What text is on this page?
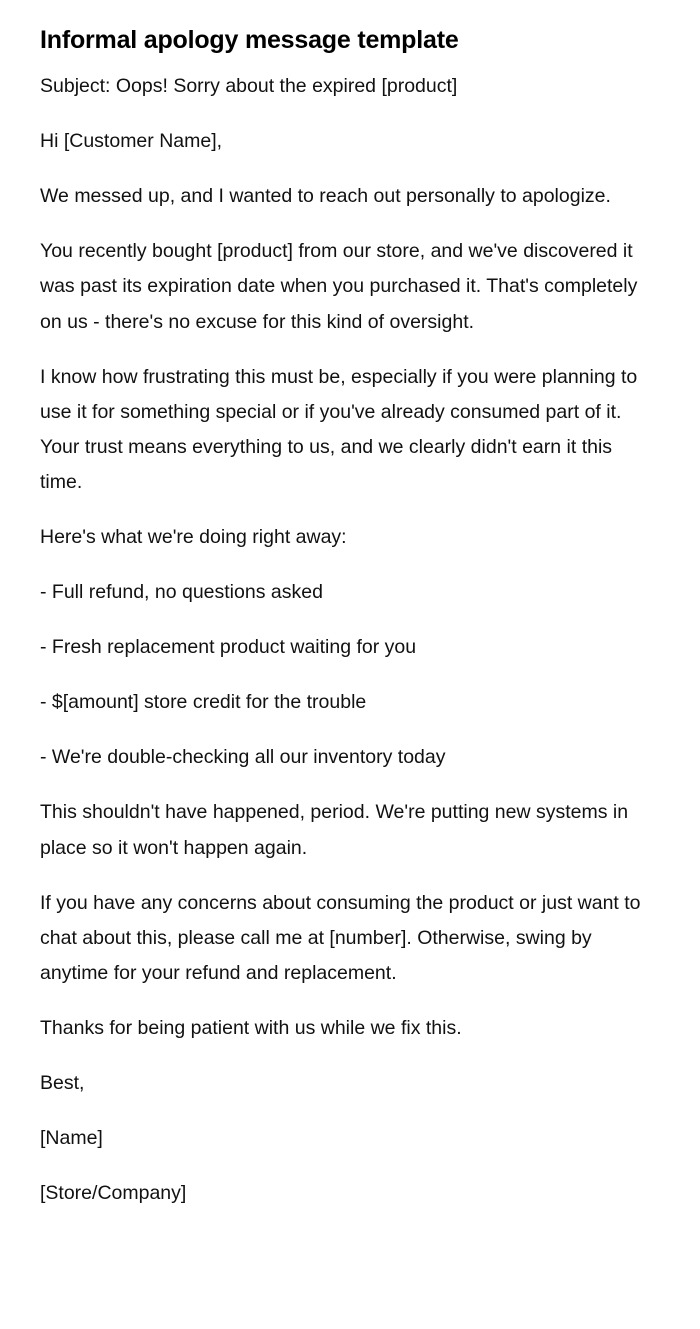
Informal apology message template

Subject: Oops! Sorry about the expired [product]

Hi [Customer Name],

We messed up, and I wanted to reach out personally to apologize.

You recently bought [product] from our store, and we've discovered it was past its expiration date when you purchased it. That's completely on us - there's no excuse for this kind of oversight.

I know how frustrating this must be, especially if you were planning to use it for something special or if you've already consumed part of it. Your trust means everything to us, and we clearly didn't earn it this time.

Here's what we're doing right away:

- Full refund, no questions asked

- Fresh replacement product waiting for you

- $[amount] store credit for the trouble

- We're double-checking all our inventory today

This shouldn't have happened, period. We're putting new systems in place so it won't happen again.

If you have any concerns about consuming the product or just want to chat about this, please call me at [number]. Otherwise, swing by anytime for your refund and replacement.

Thanks for being patient with us while we fix this.

Best,

[Name]

[Store/Company]
